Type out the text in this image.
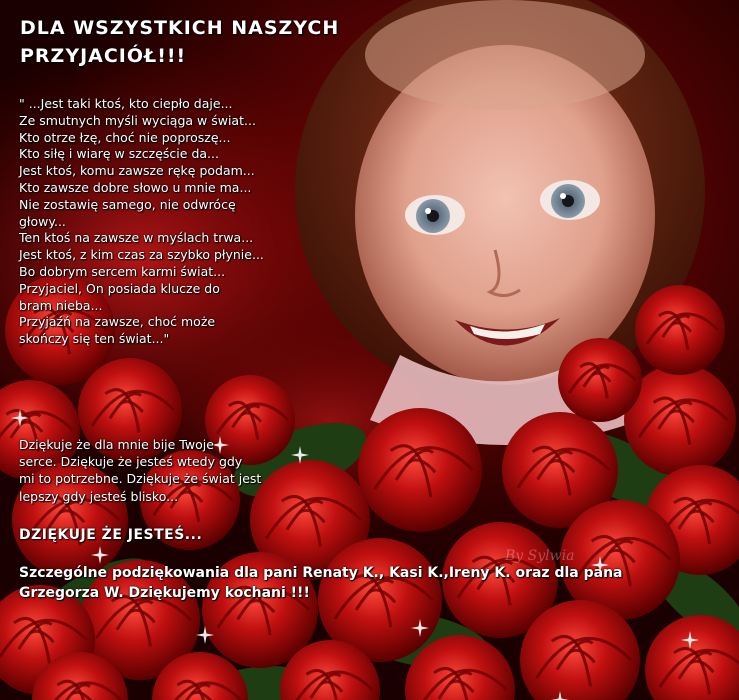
DLA WSZYSTKICH NASZYCH
PRZYJACIÓŁ!!!
" ...Jest taki ktoś, kto ciepło daje...
Ze smutnych myśli wyciąga w świat...
Kto otrze łzę, choć nie poproszę...
Kto siłę i wiarę w szczęście da...
Jest ktoś, komu zawsze rękę podam...
Kto zawsze dobre słowo u mnie ma...
Nie zostawię samego, nie odwrócę
głowy...
Ten ktoś na zawsze w myślach trwa...
Jest ktoś, z kim czas za szybko płynie...
Bo dobrym sercem karmi świat...
Przyjaciel, On posiada klucze do
bram nieba...
Przyjaźń na zawsze, choć może
skończy się ten świat..."
Dziękuje że dla mnie bije Twoje
serce. Dziękuje że jesteś wtedy gdy
mi to potrzebne. Dziękuje że świat jest
lepszy gdy jesteś blisko...
DZIĘKUJE ŻE JESTEŚ...
Szczególne podziękowania dla pani Renaty K., Kasi K.,Ireny K. oraz dla pana
Grzegorza W. Dziękujemy kochani !!!
By Sylwia
